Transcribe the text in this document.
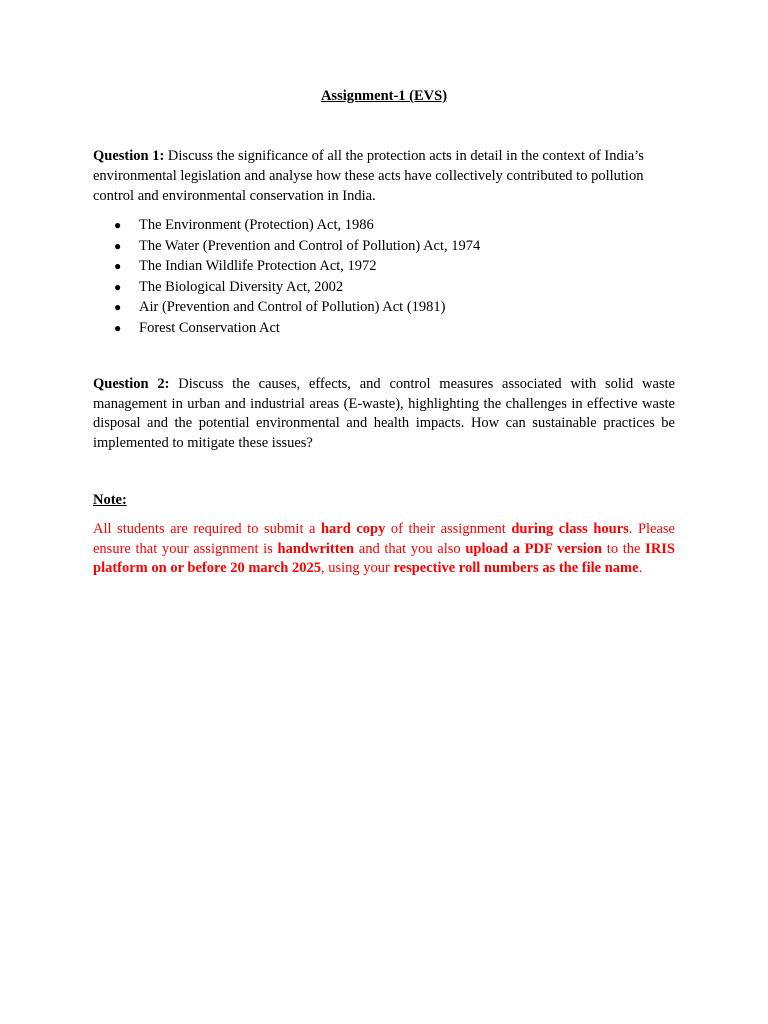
Assignment-1 (EVS)
Question 1: Discuss the significance of all the protection acts in detail in the context of India’s environmental legislation and analyse how these acts have collectively contributed to pollution control and environmental conservation in India.
● The Environment (Protection) Act, 1986
● The Water (Prevention and Control of Pollution) Act, 1974
● The Indian Wildlife Protection Act, 1972
● The Biological Diversity Act, 2002
● Air (Prevention and Control of Pollution) Act (1981)
● Forest Conservation Act
Question 2: Discuss the causes, effects, and control measures associated with solid waste management in urban and industrial areas (E-waste), highlighting the challenges in effective waste disposal and the potential environmental and health impacts. How can sustainable practices be implemented to mitigate these issues?
Note:
All students are required to submit a hard copy of their assignment during class hours. Please ensure that your assignment is handwritten and that you also upload a PDF version to the IRIS platform on or before 20 march 2025, using your respective roll numbers as the file name.
